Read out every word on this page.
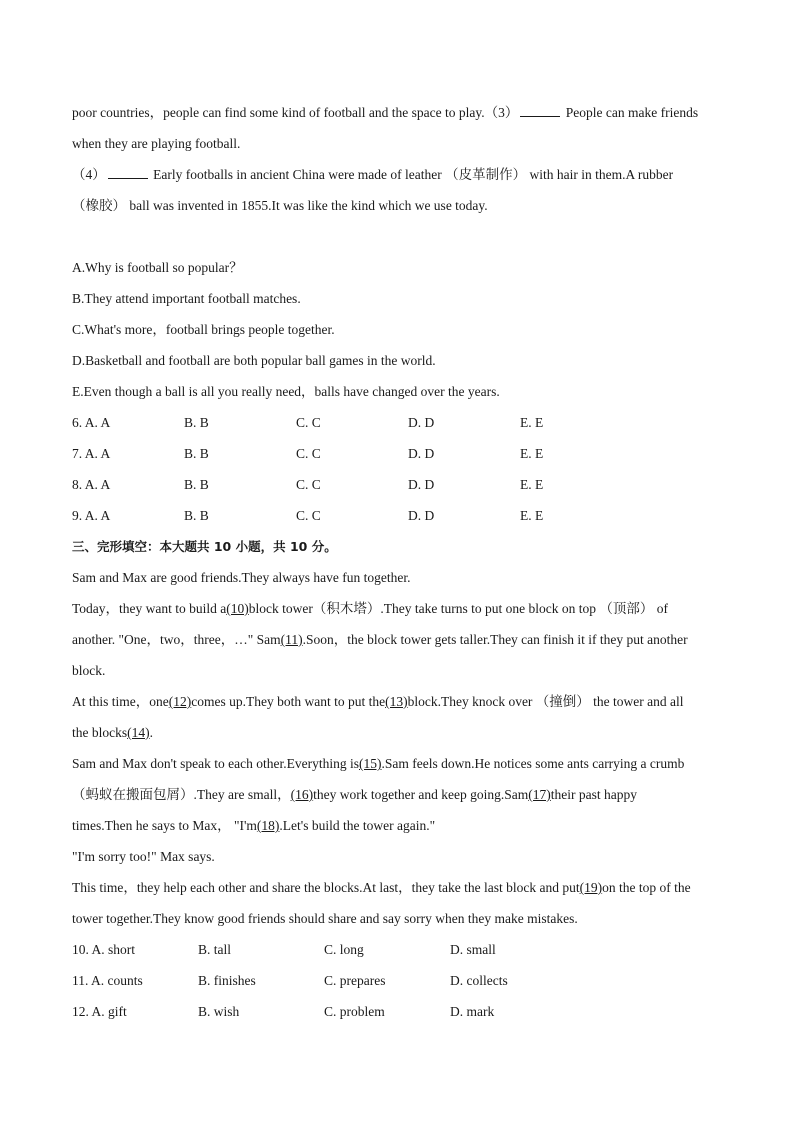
poor countries，people can find some kind of football and the space to play.（3）	People can make friends
when they are playing football.
（4）	Early footballs in ancient China were made of leather （皮革制作） with hair in them.A rubber
（橡胶） ball was invented in 1855.It was like the kind which we use today.
A.Why is football so popular？
B.They attend important football matches.
C.What's more，football brings people together.
D.Basketball and football are both popular ball games in the world.
E.Even though a ball is all you really need，balls have changed over the years.
6. A. A	B. B	C. C	D. D	E. E
7. A. A	B. B	C. C	D. D	E. E
8. A. A	B. B	C. C	D. D	E. E
9. A. A	B. B	C. C	D. D	E. E
三、完形填空：本大题共 10 小题，共 10 分。
Sam and Max are good friends.They always have fun together.
Today，they want to build a(10)block tower（积木塔）.They take turns to put one block on top （顶部） of
another. "One，two，three，…" Sam(11).Soon，the block tower gets taller.They can finish it if they put another
block.
At this time，one(12)comes up.They both want to put the(13)block.They knock over （撞倒） the tower and all
the blocks(14).
Sam and Max don't speak to each other.Everything is(15).Sam feels down.He notices some ants carrying a crumb
（蚂蚁在搬面包屑）.They are small，(16)they work together and keep going.Sam(17)their past happy
times.Then he says to Max， "I'm(18).Let's build the tower again."
"I'm sorry too!" Max says.
This time，they help each other and share the blocks.At last，they take the last block and put(19)on the top of the
tower together.They know good friends should share and say sorry when they make mistakes.
10. A. short	B. tall	C. long	D. small
11. A. counts	B. finishes	C. prepares	D. collects
12. A. gift	B. wish	C. problem	D. mark
